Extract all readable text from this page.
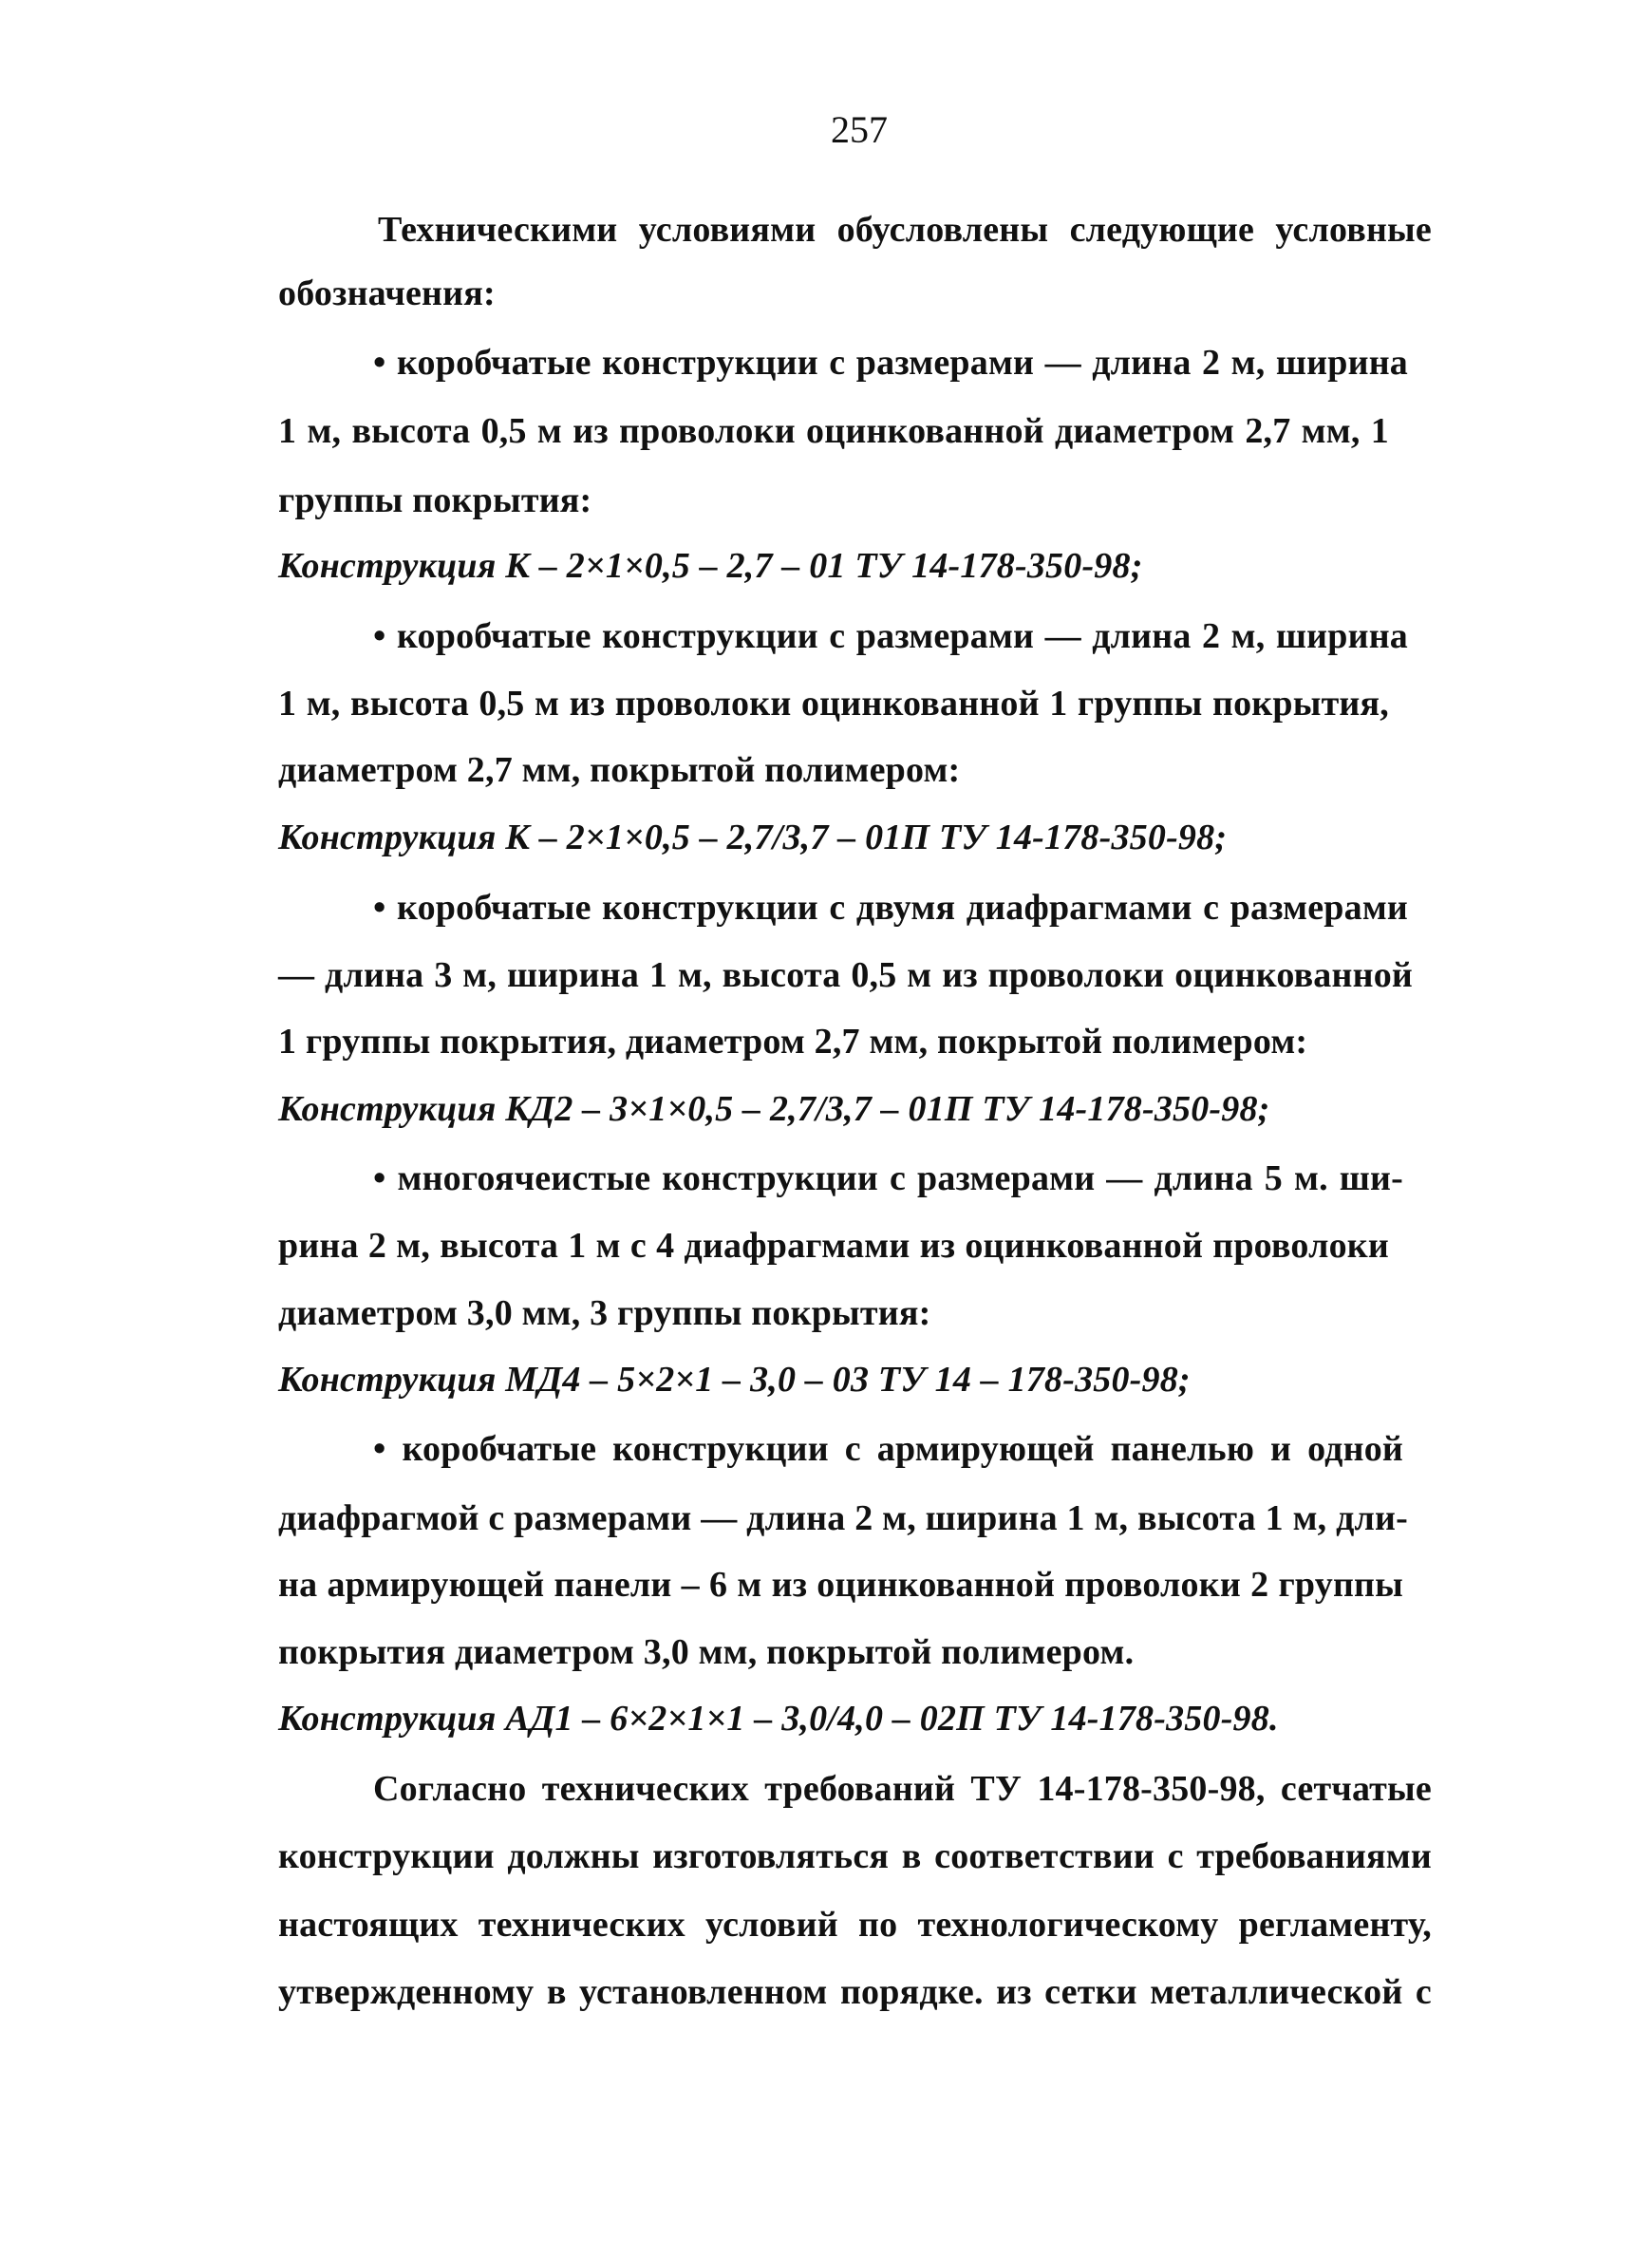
257
Техническими условиями обусловлены следующие условные
обозначения:
• коробчатые конструкции с размерами — длина 2 м, ширина
1 м, высота 0,5 м из проволоки оцинкованной диаметром 2,7 мм, 1
группы покрытия:
Конструкция К – 2×1×0,5 – 2,7 – 01 ТУ 14-178-350-98;
• коробчатые конструкции с размерами — длина 2 м, ширина
1 м, высота 0,5 м из проволоки оцинкованной 1 группы покрытия,
диаметром 2,7 мм, покрытой полимером:
Конструкция К – 2×1×0,5 – 2,7/3,7 – 01П ТУ 14-178-350-98;
• коробчатые конструкции с двумя диафрагмами с размерами
— длина 3 м, ширина 1 м, высота 0,5 м из проволоки оцинкованной
1 группы покрытия, диаметром 2,7 мм, покрытой полимером:
Конструкция КД2 – 3×1×0,5 – 2,7/3,7 – 01П ТУ 14-178-350-98;
• многоячеистые конструкции с размерами — длина 5 м. ши-
рина 2 м, высота 1 м с 4 диафрагмами из оцинкованной проволоки
диаметром 3,0 мм, 3 группы покрытия:
Конструкция МД4 – 5×2×1 – 3,0 – 03 ТУ 14 – 178-350-98;
• коробчатые конструкции с армирующей панелью и одной
диафрагмой с размерами — длина 2 м, ширина 1 м, высота 1 м, дли-
на армирующей панели – 6 м из оцинкованной проволоки 2 группы
покрытия диаметром 3,0 мм, покрытой полимером.
Конструкция АД1 – 6×2×1×1 – 3,0/4,0 – 02П ТУ 14-178-350-98.
Согласно технических требований ТУ 14-178-350-98, сетчатые
конструкции должны изготовляться в соответствии с требованиями
настоящих технических условий по технологическому регламенту,
утвержденному в установленном порядке. из сетки металлической с
